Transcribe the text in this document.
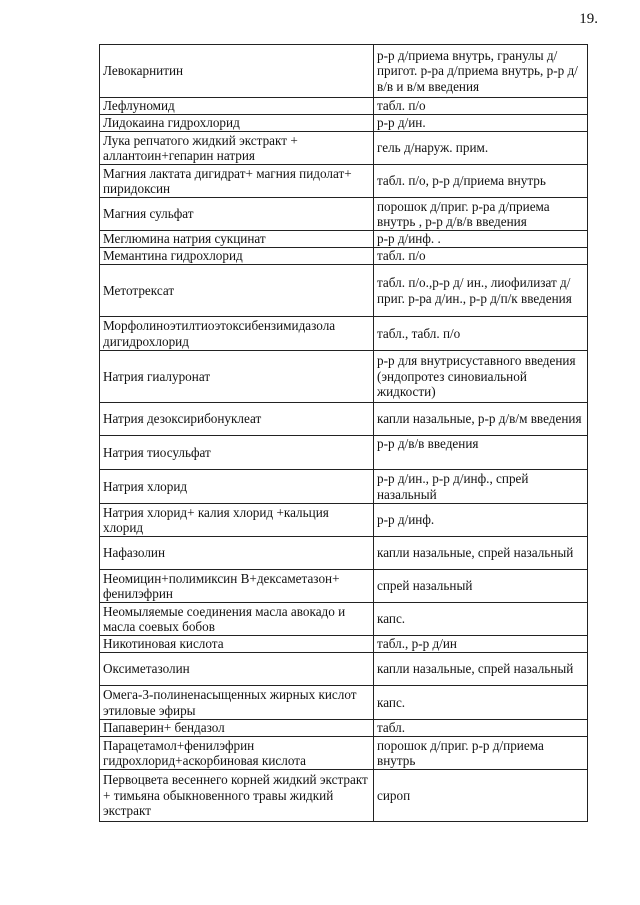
19.
Левокарнитин	р-р д/приема внутрь, гранулы д/пригот. р-ра д/приема внутрь, р-р д/в/в и в/м введения
Лефлуномид	табл. п/о
Лидокаина гидрохлорид	р-р д/ин.
Лука репчатого жидкий экстракт + аллантоин+гепарин натрия	гель д/наруж. прим.
Магния лактата дигидрат+ магния пидолат+ пиридоксин	табл. п/о, р-р д/приема внутрь
Магния сульфат	порошок д/приг. р-ра д/приема внутрь , р-р д/в/в введения
Меглюмина натрия сукцинат	р-р д/инф. .
Мемантина гидрохлорид	табл. п/о
Метотрексат	табл. п/о.,р-р д/ ин., лиофилизат д/приг. р-ра д/ин., р-р д/п/к введения
Морфолиноэтилтиоэтоксибензимидазола дигидрохлорид	табл., табл. п/о
Натрия гиалуронат	р-р для внутрисуставного введения (эндопротез синовиальной жидкости)
Натрия дезоксирибонуклеат	капли назальные, р-р д/в/м введения
Натрия тиосульфат	р-р д/в/в введения
Натрия хлорид	р-р д/ин., р-р д/инф., спрей назальный
Натрия хлорид+ калия хлорид +кальция хлорид	р-р д/инф.
Нафазолин	капли назальные, спрей назальный
Неомицин+полимиксин В+дексаметазон+ фенилэфрин	спрей назальный
Неомыляемые соединения масла авокадо и масла соевых бобов	капс.
Никотиновая кислота	табл., р-р д/ин
Оксиметазолин	капли назальные, спрей назальный
Омега-3-полиненасыщенных жирных кислот этиловые эфиры	капс.
Папаверин+ бендазол	табл.
Парацетамол+фенилэфрин гидрохлорид+аскорбиновая кислота	порошок д/приг. р-р д/приема внутрь
Первоцвета весеннего корней жидкий экстракт + тимьяна обыкновенного травы жидкий экстракт	сироп
